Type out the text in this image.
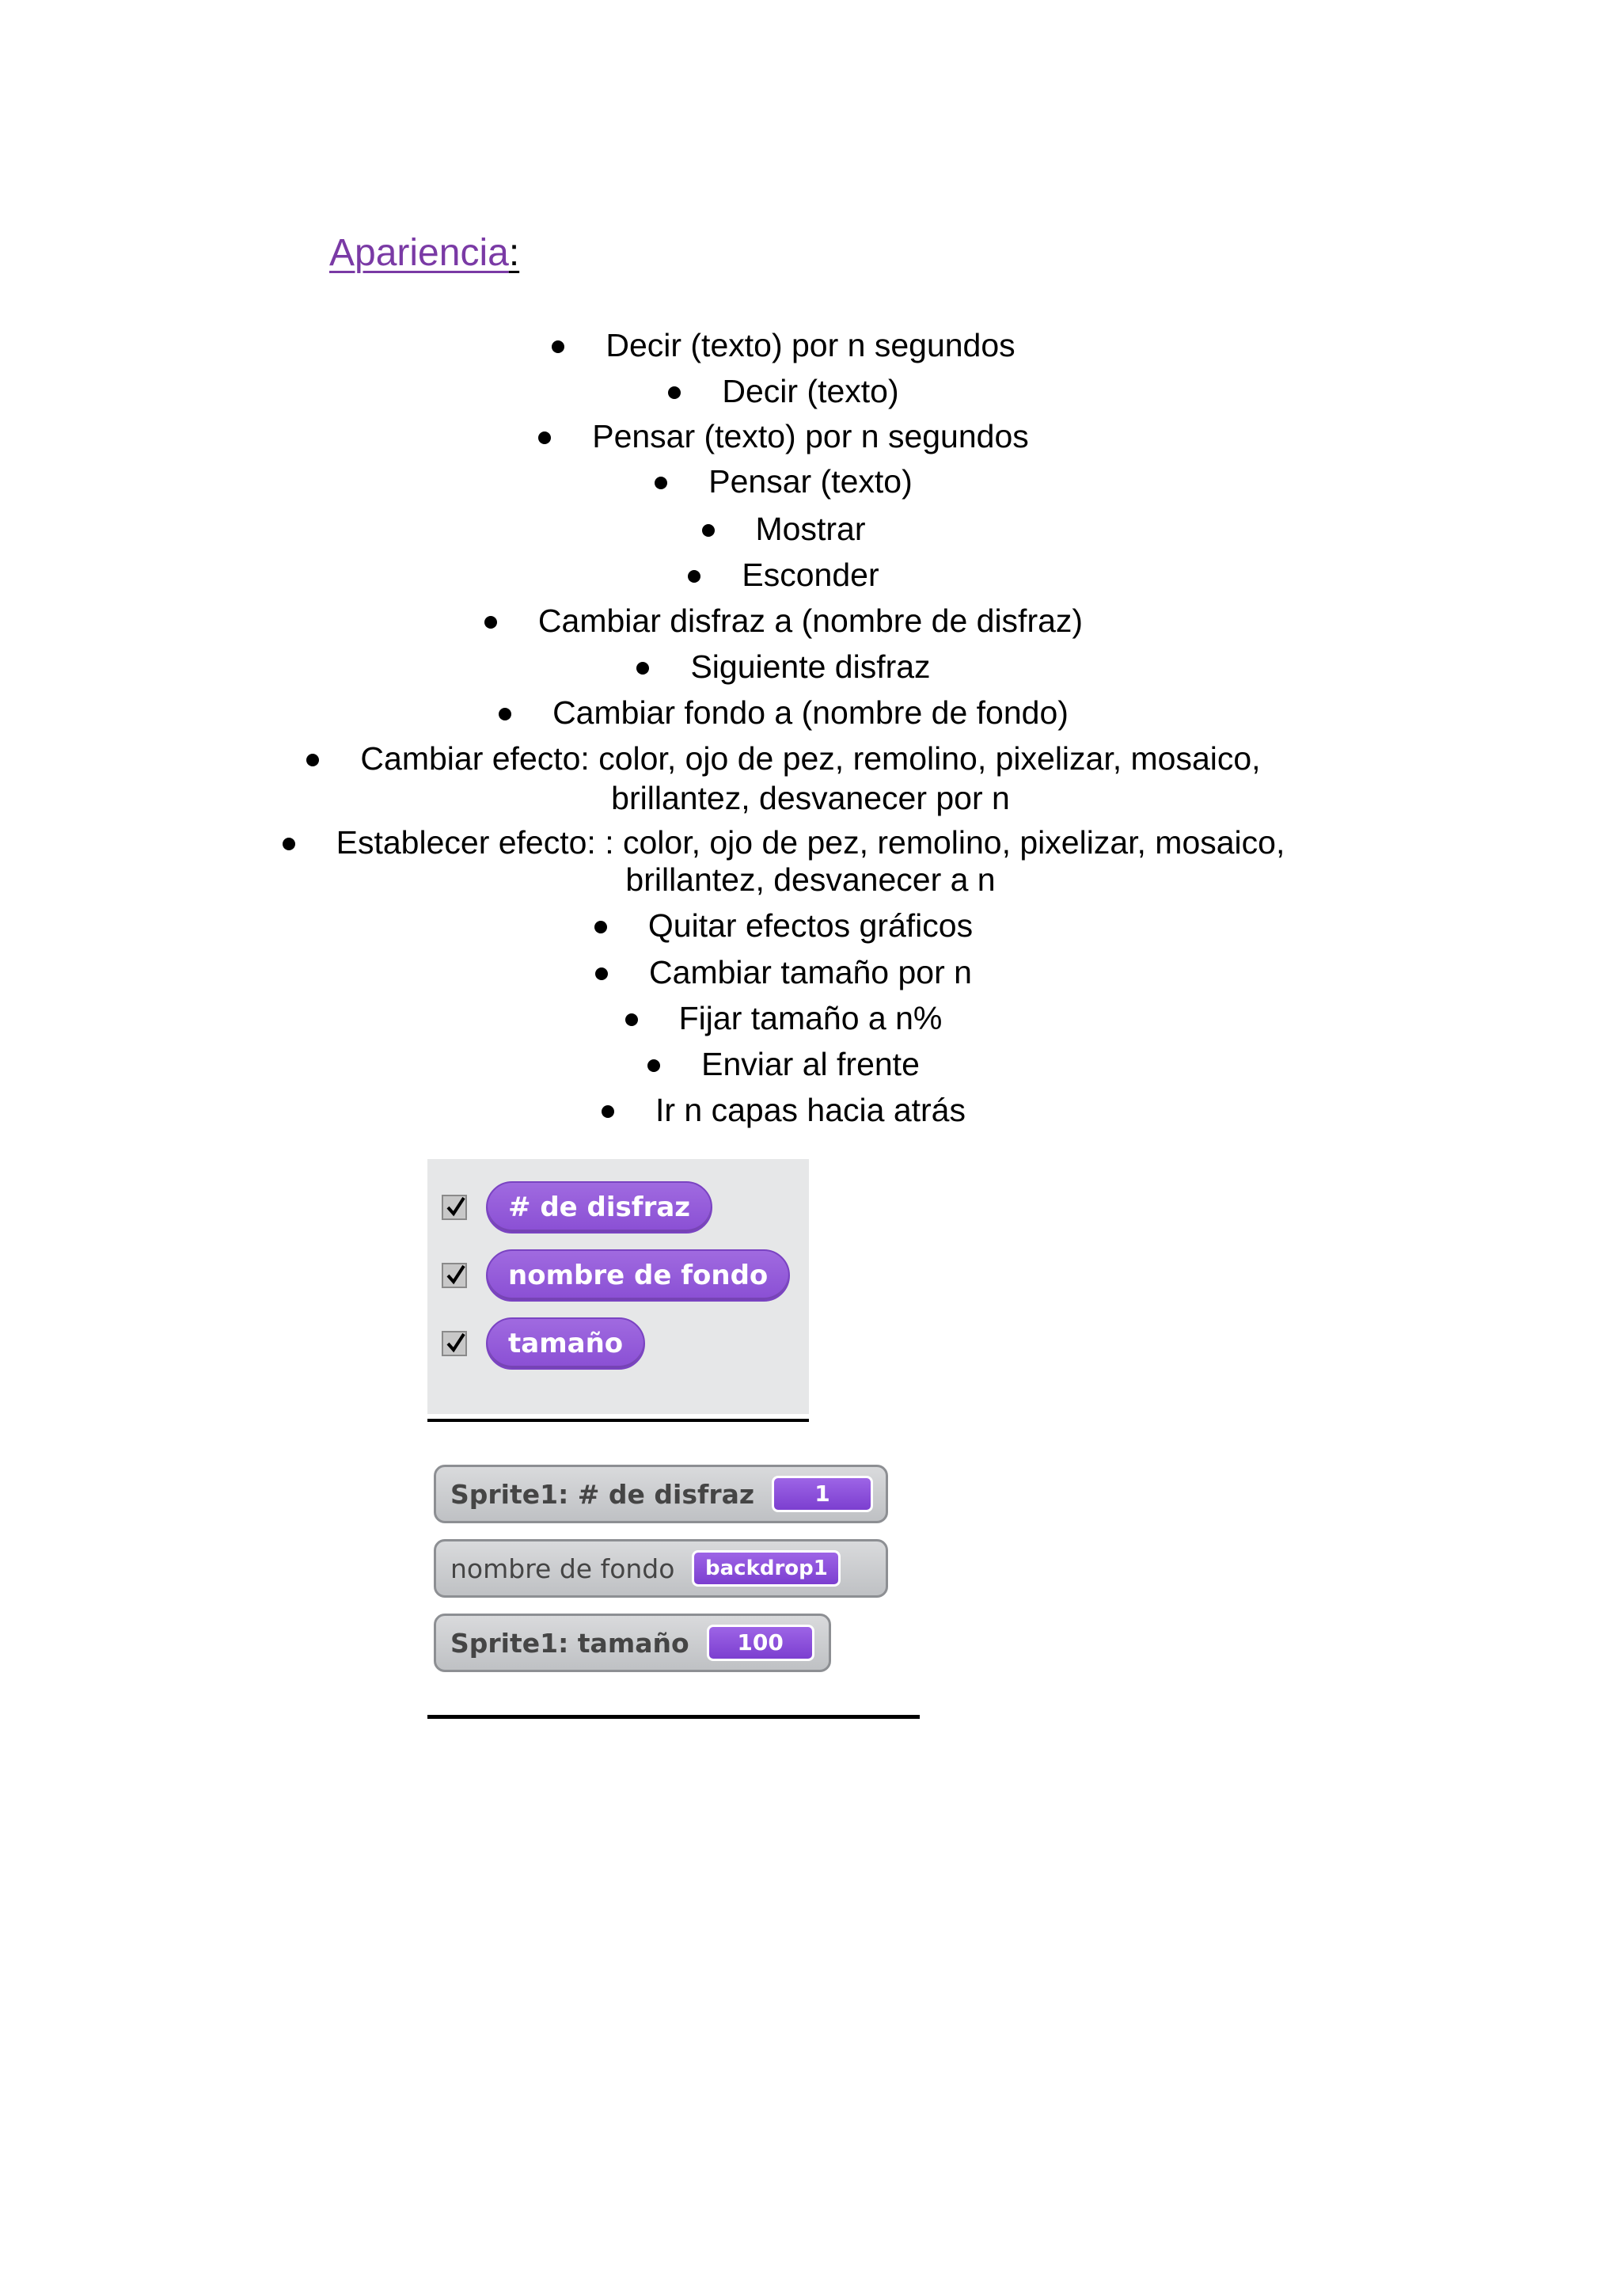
Apariencia:
Decir (texto) por n segundos
Decir (texto)
Pensar (texto) por n segundos
Pensar (texto)
Mostrar
Esconder
Cambiar disfraz a (nombre de disfraz)
Siguiente disfraz
Cambiar fondo a (nombre de fondo)
Cambiar efecto: color, ojo de pez, remolino, pixelizar, mosaico,
brillantez, desvanecer por n
Establecer efecto: : color, ojo de pez, remolino, pixelizar, mosaico,
brillantez, desvanecer a n
Quitar efectos gráficos
Cambiar tamaño por n
Fijar tamaño a n%
Enviar al frente
Ir n capas hacia atrás
# de disfraz
nombre de fondo
tamaño
Sprite1: # de disfraz	1
nombre de fondo	backdrop1
Sprite1: tamaño	100
